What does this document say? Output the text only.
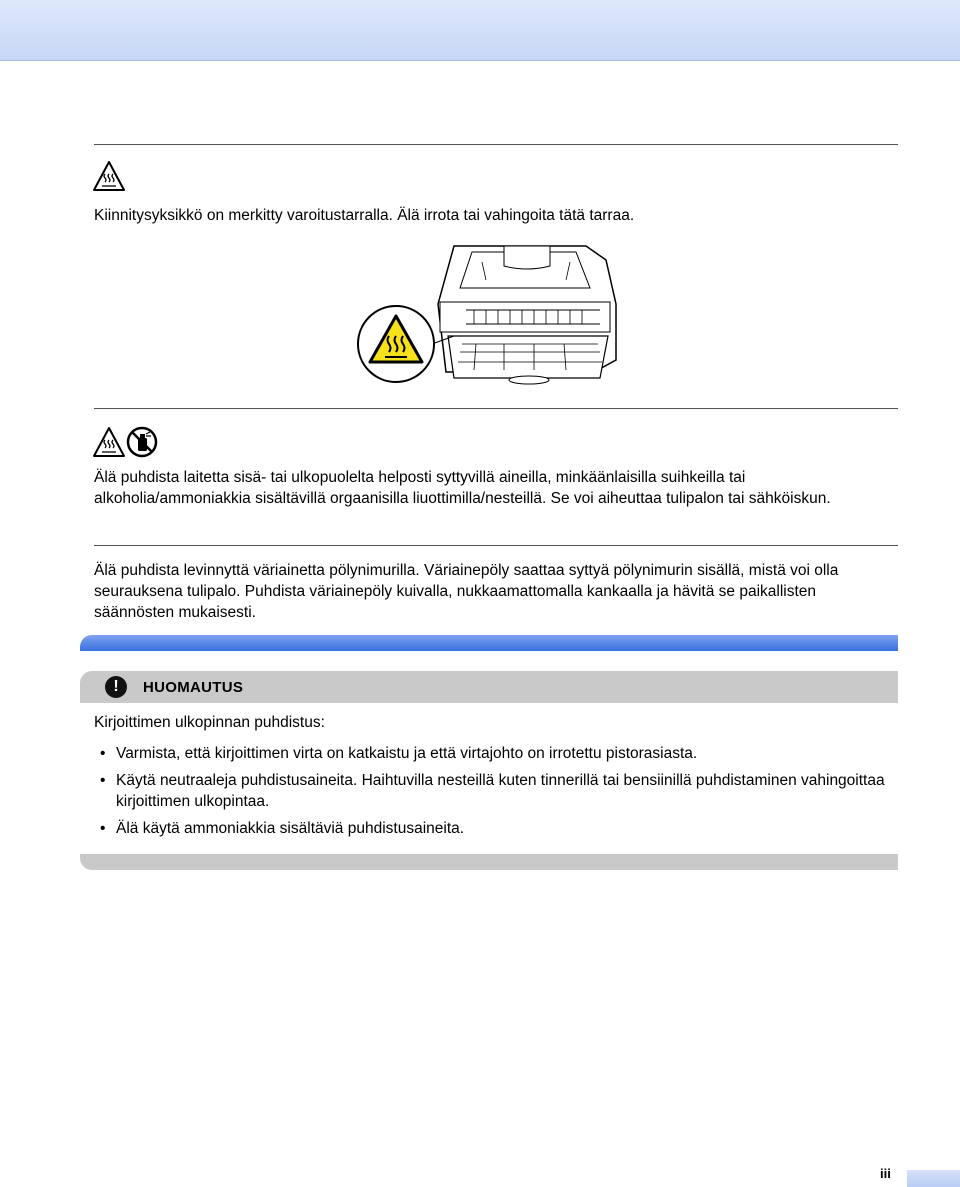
Kiinnitysyksikkö on merkitty varoitustarralla. Älä irrota tai vahingoita tätä tarraa.

Älä puhdista laitetta sisä- tai ulkopuolelta helposti syttyvillä aineilla, minkäänlaisilla suihkeilla tai alkoholia/ammoniakkia sisältävillä orgaanisilla liuottimilla/nesteillä. Se voi aiheuttaa tulipalon tai sähköiskun.

Älä puhdista levinnyttä väriainetta pölynimurilla. Väriainepöly saattaa syttyä pölynimurin sisällä, mistä voi olla seurauksena tulipalo. Puhdista väriainepöly kuivalla, nukkaamattomalla kankaalla ja hävitä se paikallisten säännösten mukaisesti.

!	HUOMAUTUS

Kirjoittimen ulkopinnan puhdistus:

• Varmista, että kirjoittimen virta on katkaistu ja että virtajohto on irrotettu pistorasiasta.

• Käytä neutraaleja puhdistusaineita. Haihtuvilla nesteillä kuten tinnerillä tai bensiinillä puhdistaminen vahingoittaa kirjoittimen ulkopintaa.

• Älä käytä ammoniakkia sisältäviä puhdistusaineita.

iii
